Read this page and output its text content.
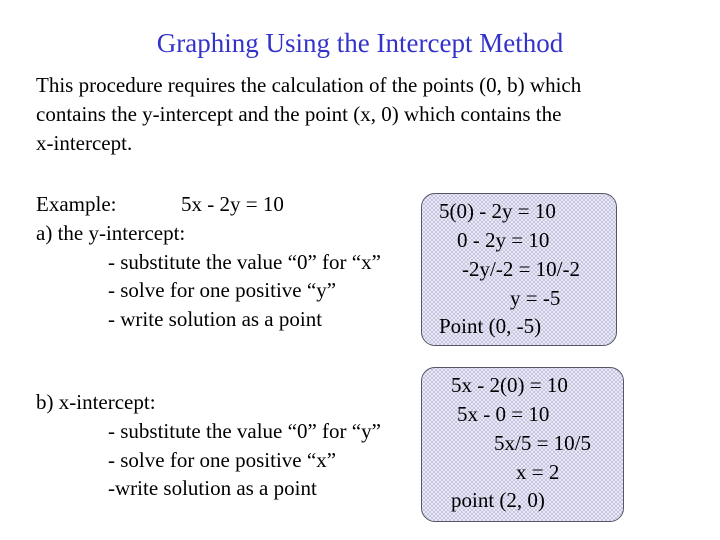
Graphing Using the Intercept Method
This procedure requires the calculation of the points (0, b) which
contains the y-intercept and the point (x, 0) which contains the
x-intercept.
Example:	5x - 2y = 10
a) the y-intercept:
- substitute the value “0” for “x”
- solve for one positive “y”
- write solution as a point
5(0) - 2y = 10
0 - 2y = 10
-2y/-2 = 10/-2
y = -5
Point (0, -5)
b) x-intercept:
- substitute the value “0” for “y”
- solve for one positive “x”
-write solution as a point
5x - 2(0) = 10
5x - 0 = 10
5x/5 = 10/5
x = 2
point (2, 0)
